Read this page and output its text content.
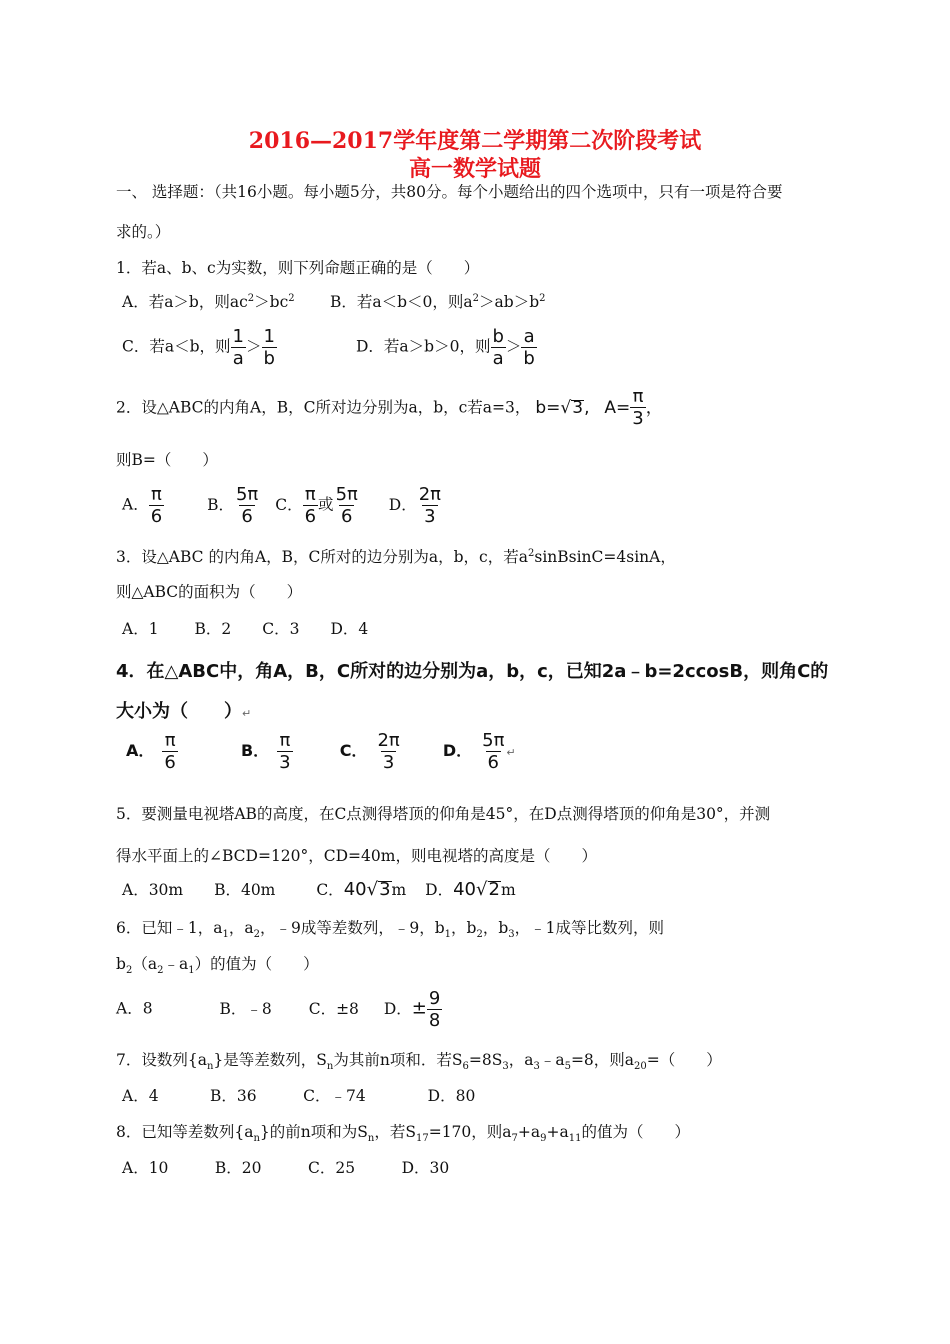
2016—2017学年度第二学期第二次阶段考试
高一数学试题
一、 选择题：（共16小题。每小题5分，共80分。每个小题给出的四个选项中，只有一项是符合要
求的。）
1．若a、b、c为实数，则下列命题正确的是（　　）
A．若a＞b，则$ac^2>bc^2$ B．若a＜b＜0，则$a^2>ab>b^2$
C．若a＜b，则 $\frac{1}{a} > \frac{1}{b}$	D．若a＞b＞0，则 $\frac{b}{a} > \frac{a}{b}$
2．设△ABC的内角A，B，C所对边分别为a，b，c若a=3， b=√3, $A= \frac{\pi}{3}$ ，
则B=（　　）
A． $\frac{\pi}{6}$	B． $\frac{5\pi}{6}$ C． $\frac{\pi}{6}$ 或 $\frac{5\pi}{6}$ D． $\frac{2\pi}{3}$
3．设△ABC 的内角A，B，C所对的边分别为a，b，c，若$a^2sinBsinC=4\sin A$，
则△ABC的面积为（　　）
A．1　　 B．2　　C．3　　D．4
4．在△ABC中，角A，B，C所对的边分别为a，b，c，已知2a﹣b=2ccosB，则角C的
大小为（　　）↵
A． $\frac{\pi}{6}$	B． $\frac{\pi}{3}$	C． $\frac{2\pi}{3}$	D． $\frac{5\pi}{6}$ ↵
5．要测量电视塔AB的高度，在C点测得塔顶的仰角是45°，在D点测得塔顶的仰角是30°，并测
得水平面上的∠BCD=120°，CD=40m，则电视塔的高度是（　　）
A．30m B．40m	C．40√3m D．40√2m
6．已知﹣1，$a_1$，$a_2$，﹣9成等差数列，﹣9，$b_1$，$b_2$，$b_3$，﹣1成等比数列，则
$b_2(a_2﹣a_1)$的值为（　　）
A．8	B．﹣8 C．±8 D．± $\frac{9}{8}$
7．设数列$\{a_n\}$是等差数列，$S_n$为其前n项和．若$S_6=8S_3$，$a_3﹣a_5=8$，则$a_{20}=$（　　）
A．4　　　 B．36　　　C．﹣74　　　　D．80
8．已知等差数列$\{a_n\}$的前n项和为$S_n$，若$S_{17}=170$，则$a_7+a_9+a_{11}$的值为（　　）
A．10　　　B．20　　　C．25　　　D．30
